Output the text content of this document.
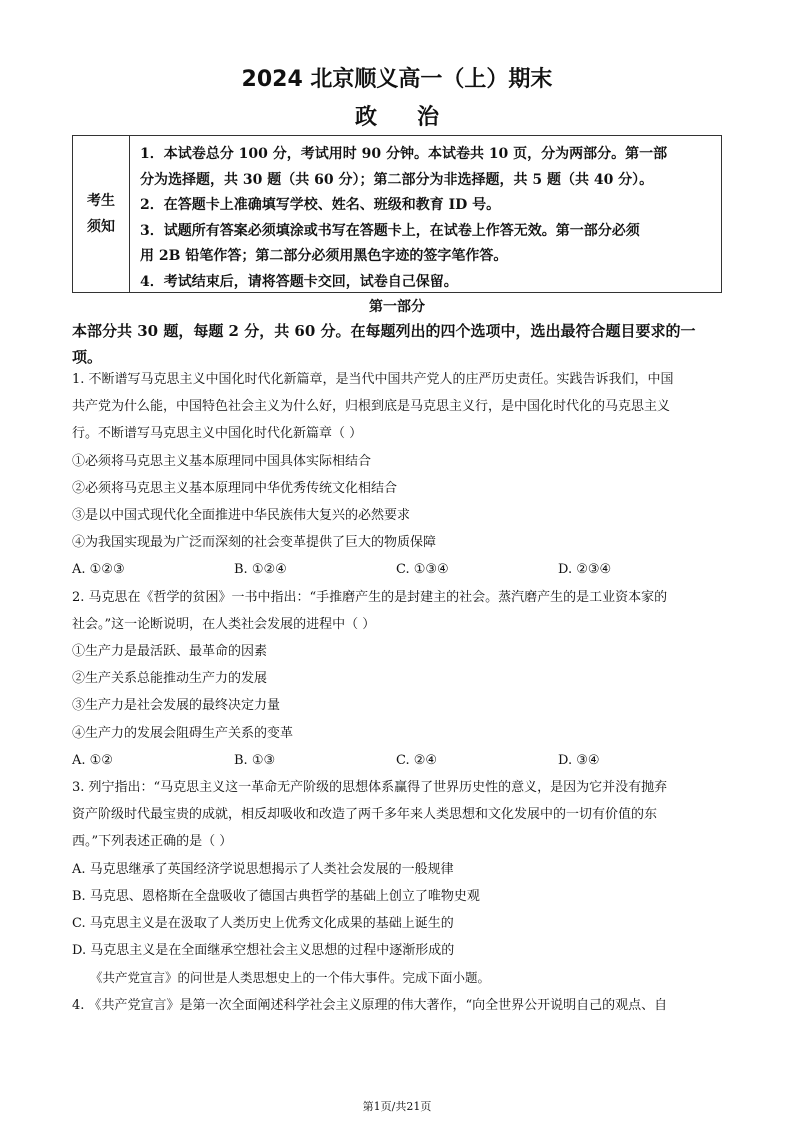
2024 北京顺义高一（上）期末
政治
考生
须知
1．本试卷总分 100 分，考试用时 90 分钟。本试卷共 10 页，分为两部分。第一部
分为选择题，共 30 题（共 60 分）；第二部分为非选择题，共 5 题（共 40 分）。
2．在答题卡上准确填写学校、姓名、班级和教育 ID 号。
3．试题所有答案必须填涂或书写在答题卡上，在试卷上作答无效。第一部分必须
用 2B 铅笔作答；第二部分必须用黑色字迹的签字笔作答。
4．考试结束后，请将答题卡交回，试卷自己保留。
第一部分
本部分共 30 题，每题 2 分，共 60 分。在每题列出的四个选项中，选出最符合题目要求的一
项。
1. 不断谱写马克思主义中国化时代化新篇章，是当代中国共产党人的庄严历史责任。实践告诉我们，中国
共产党为什么能，中国特色社会主义为什么好，归根到底是马克思主义行，是中国化时代化的马克思主义
行。不断谱写马克思主义中国化时代化新篇章（ ）
①必须将马克思主义基本原理同中国具体实际相结合
②必须将马克思主义基本原理同中华优秀传统文化相结合
③是以中国式现代化全面推进中华民族伟大复兴的必然要求
④为我国实现最为广泛而深刻的社会变革提供了巨大的物质保障
A. ①②③	B. ①②④	C. ①③④	D. ②③④
2. 马克思在《哲学的贫困》一书中指出：“手推磨产生的是封建主的社会。蒸汽磨产生的是工业资本家的
社会。”这一论断说明，在人类社会发展的进程中（ ）
①生产力是最活跃、最革命的因素
②生产关系总能推动生产力的发展
③生产力是社会发展的最终决定力量
④生产力的发展会阻碍生产关系的变革
A. ①②	B. ①③	C. ②④	D. ③④
3. 列宁指出：“马克思主义这一革命无产阶级的思想体系赢得了世界历史性的意义，是因为它并没有抛弃
资产阶级时代最宝贵的成就，相反却吸收和改造了两千多年来人类思想和文化发展中的一切有价值的东
西。”下列表述正确的是（ ）
A. 马克思继承了英国经济学说思想揭示了人类社会发展的一般规律
B. 马克思、恩格斯在全盘吸收了德国古典哲学的基础上创立了唯物史观
C. 马克思主义是在汲取了人类历史上优秀文化成果的基础上诞生的
D. 马克思主义是在全面继承空想社会主义思想的过程中逐渐形成的
《共产党宣言》的问世是人类思想史上的一个伟大事件。完成下面小题。
4. 《共产党宣言》是第一次全面阐述科学社会主义原理的伟大著作，“向全世界公开说明自己的观点、自
第1页/共21页
